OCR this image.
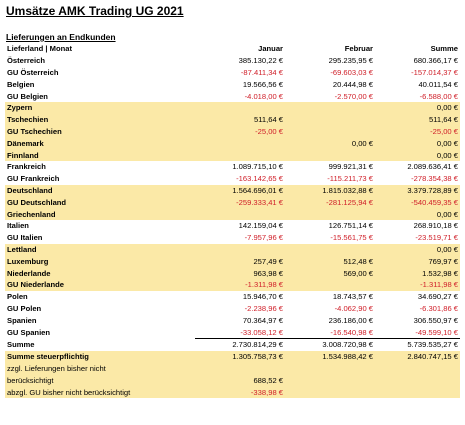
Umsätze AMK Trading UG 2021
Lieferungen an Endkunden
Lieferland | Monat	Januar	Februar	Summe
Österreich	385.130,22 €	295.235,95 €	680.366,17 €
GU Österreich	-87.411,34 €	-69.603,03 €	-157.014,37 €
Belgien	19.566,56 €	20.444,98 €	40.011,54 €
GU Belgien	-4.018,00 €	-2.570,00 €	-6.588,00 €
Zypern			0,00 €
Tschechien	511,64 €		511,64 €
GU Tschechien	-25,00 €		-25,00 €
Dänemark		0,00 €	0,00 €
Finnland			0,00 €
Frankreich	1.089.715,10 €	999.921,31 €	2.089.636,41 €
GU Frankreich	-163.142,65 €	-115.211,73 €	-278.354,38 €
Deutschland	1.564.696,01 €	1.815.032,88 €	3.379.728,89 €
GU Deutschland	-259.333,41 €	-281.125,94 €	-540.459,35 €
Griechenland			0,00 €
Italien	142.159,04 €	126.751,14 €	268.910,18 €
GU Italien	-7.957,96 €	-15.561,75 €	-23.519,71 €
Lettland			0,00 €
Luxemburg	257,49 €	512,48 €	769,97 €
Niederlande	963,98 €	569,00 €	1.532,98 €
GU Niederlande	-1.311,98 €		-1.311,98 €
Polen	15.946,70 €	18.743,57 €	34.690,27 €
GU Polen	-2.238,96 €	-4.062,90 €	-6.301,86 €
Spanien	70.364,97 €	236.186,00 €	306.550,97 €
GU Spanien	-33.058,12 €	-16.540,98 €	-49.599,10 €
Summe	2.730.814,29 €	3.008.720,98 €	5.739.535,27 €
Summe steuerpflichtig	1.305.758,73 €	1.534.988,42 €	2.840.747,15 €
zzgl. Lieferungen bisher nicht			
berücksichtigt	688,52 €		
abzgl. GU bisher nicht berücksichtigt	-338,98 €		
